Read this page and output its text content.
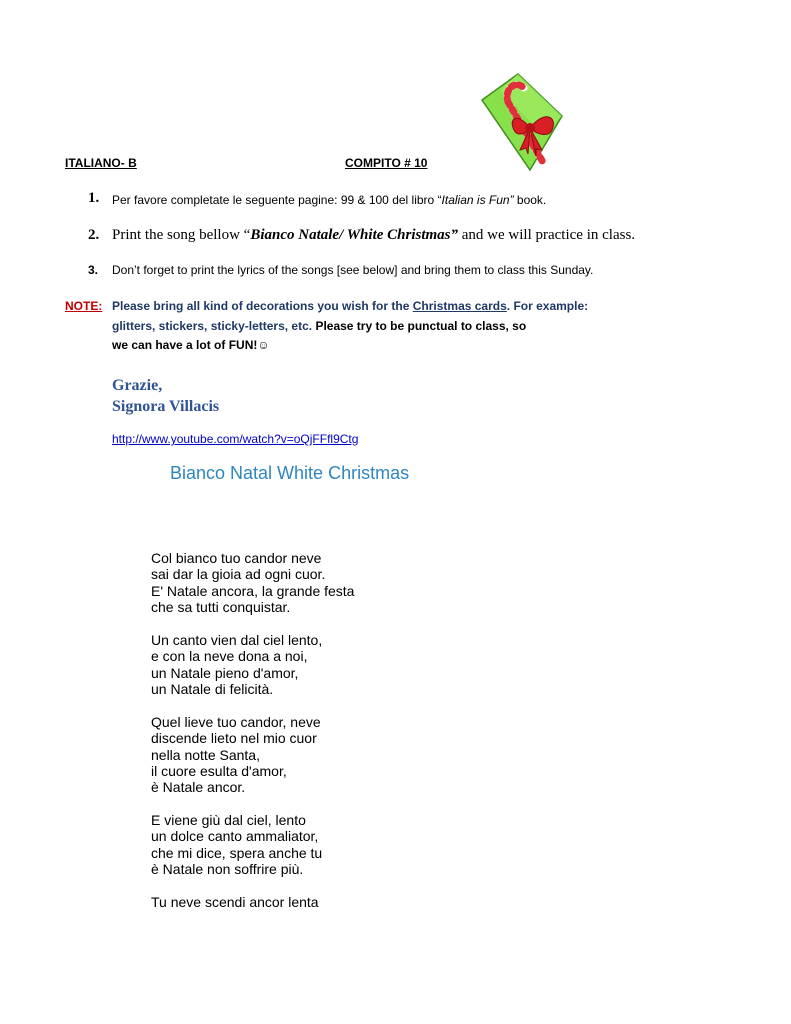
ITALIANO- B	COMPITO # 10
1. Per favore completate le seguente pagine: 99 & 100 del libro “Italian is Fun” book.
2. Print the song bellow “Bianco Natale/ White Christmas” and we will practice in class.
3. Don’t forget to print the lyrics of the songs [see below] and bring them to class this Sunday.
NOTE: Please bring all kind of decorations you wish for the Christmas cards. For example:
glitters, stickers, sticky-letters, etc. Please try to be punctual to class, so
we can have a lot of FUN!☺
Grazie,
Signora Villacis
http://www.youtube.com/watch?v=oQjFFfl9Ctg
Bianco Natal White Christmas
Col bianco tuo candor neve
sai dar la gioia ad ogni cuor.
E' Natale ancora, la grande festa
che sa tutti conquistar.
Un canto vien dal ciel lento,
e con la neve dona a noi,
un Natale pieno d'amor,
un Natale di felicità.
Quel lieve tuo candor, neve
discende lieto nel mio cuor
nella notte Santa,
il cuore esulta d'amor,
è Natale ancor.
E viene giù dal ciel, lento
un dolce canto ammaliator,
che mi dice, spera anche tu
è Natale non soffrire più.
Tu neve scendi ancor lenta
